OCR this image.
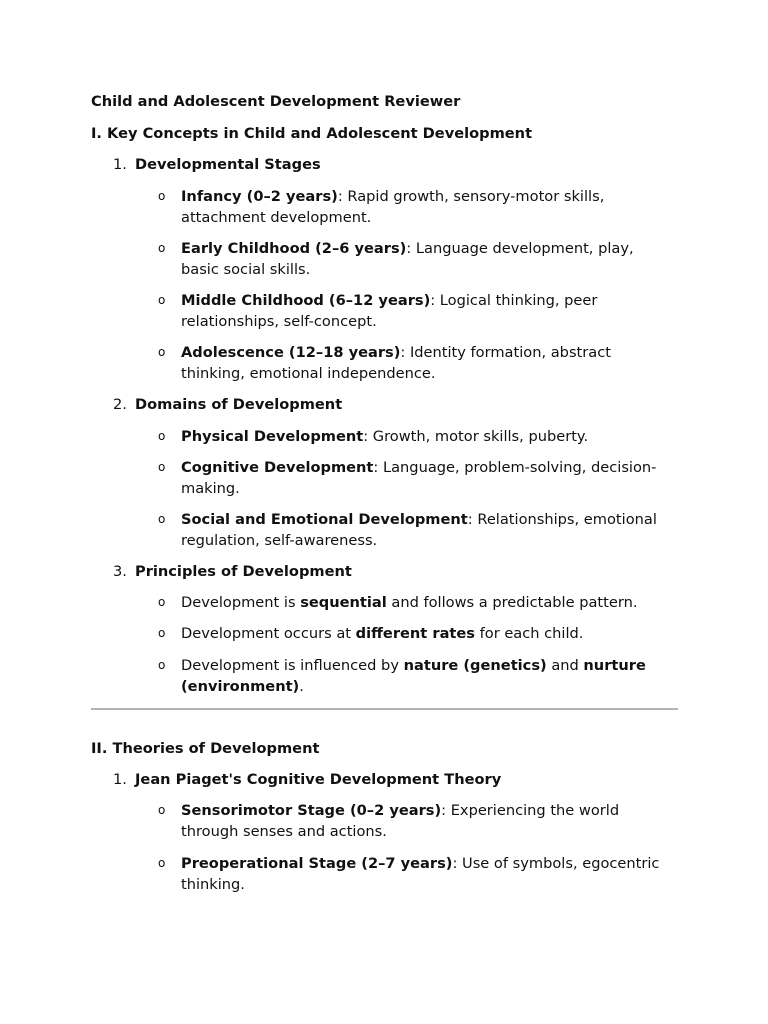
Child and Adolescent Development Reviewer
I. Key Concepts in Child and Adolescent Development
1. Developmental Stages
o Infancy (0–2 years): Rapid growth, sensory-motor skills,
attachment development.
o Early Childhood (2–6 years): Language development, play,
basic social skills.
o Middle Childhood (6–12 years): Logical thinking, peer
relationships, self-concept.
o Adolescence (12–18 years): Identity formation, abstract
thinking, emotional independence.
2. Domains of Development
o Physical Development: Growth, motor skills, puberty.
o Cognitive Development: Language, problem-solving, decision-
making.
o Social and Emotional Development: Relationships, emotional
regulation, self-awareness.
3. Principles of Development
o Development is sequential and follows a predictable pattern.
o Development occurs at different rates for each child.
o Development is influenced by nature (genetics) and nurture
(environment).
II. Theories of Development
1. Jean Piaget's Cognitive Development Theory
o Sensorimotor Stage (0–2 years): Experiencing the world
through senses and actions.
o Preoperational Stage (2–7 years): Use of symbols, egocentric
thinking.
